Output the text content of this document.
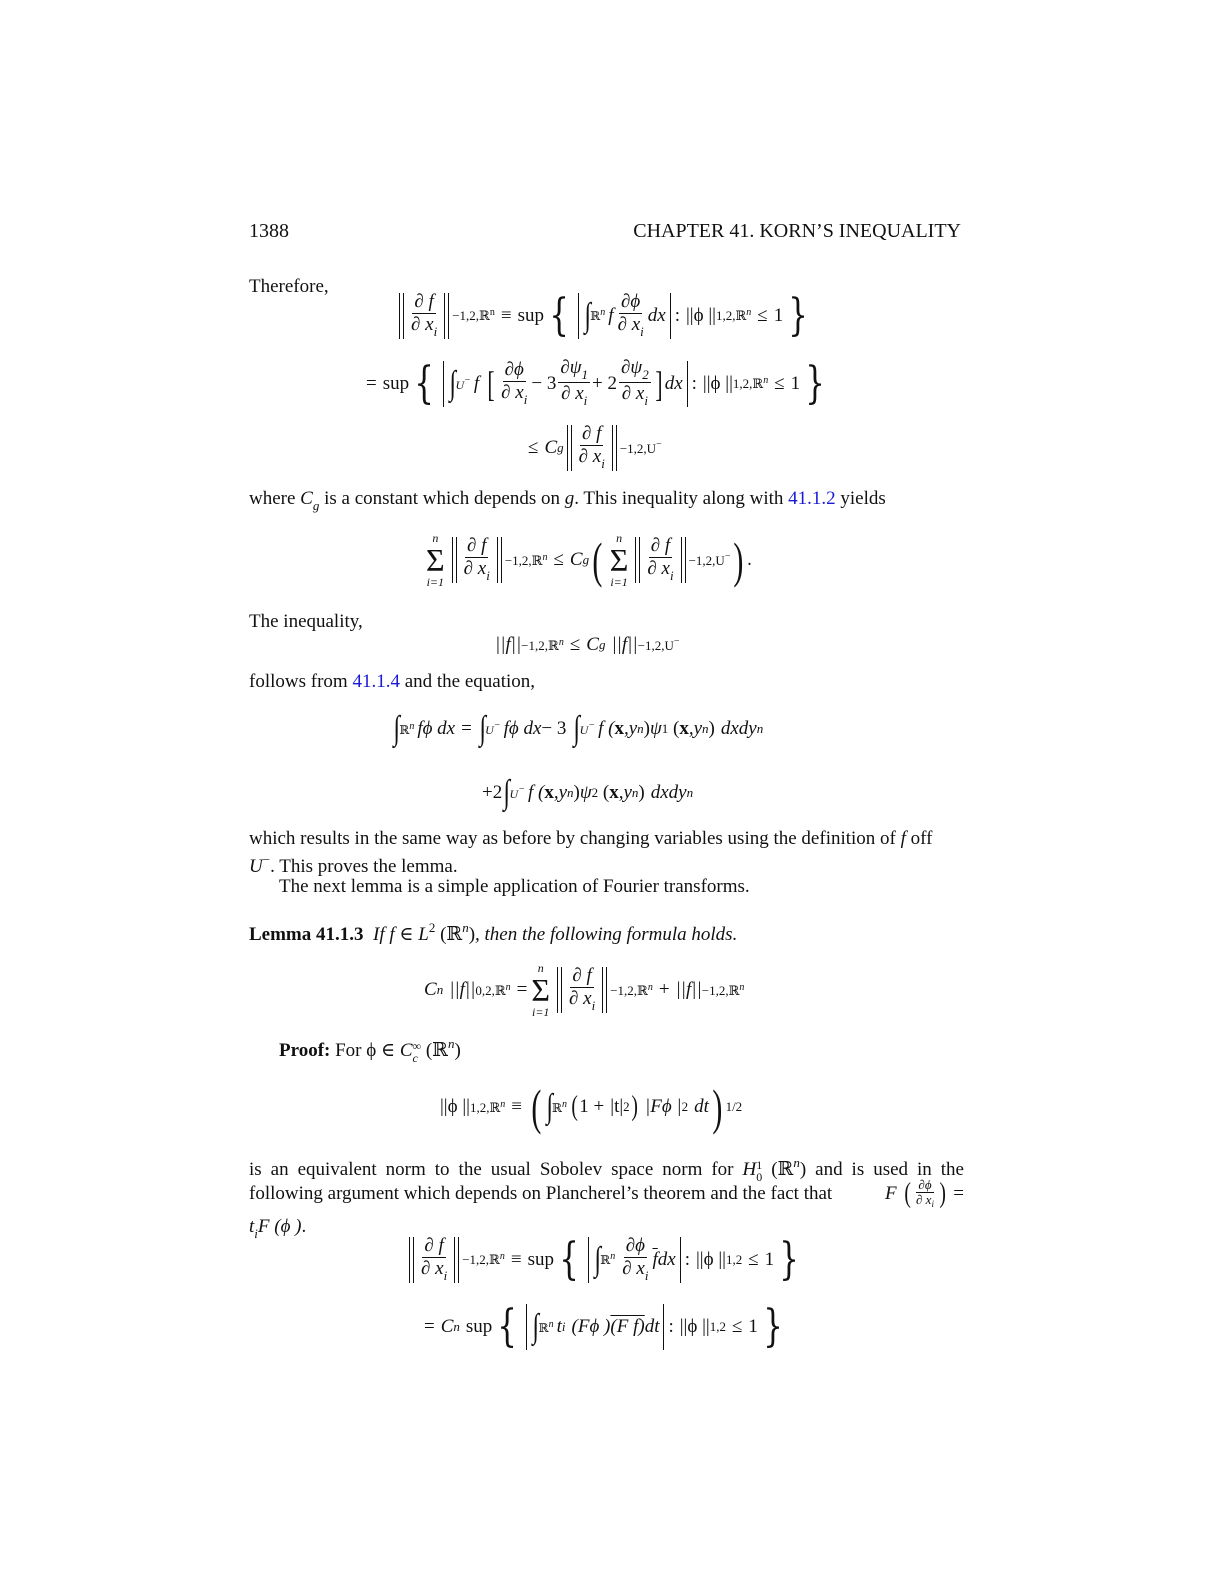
1388	CHAPTER 41. KORN’S INEQUALITY
Therefore,
$\frac{\partial f}{\partial x_i}$ −1,2,ℝ$^n$ ≡ sup { ∫ ℝ$^n$ f $\frac{\partial\phi}{\partial x_i}$ dx : ||ϕ || 1,2,ℝ$^n$ ≤ 1 }
= sup { ∫ U− f [ $\frac{\partial\phi}{\partial x_i} - 3 \frac{\partial\psi_1}{\partial x_i} + 2 \frac{\partial\psi_2}{\partial x_i}$ ] dx : ||ϕ || 1,2,ℝ$^n$ ≤ 1 }
≤ C g $\frac{\partial f}{\partial x_i} -1,2,U^-$
where $C_g$ is a constant which depends on g. This inequality along with 41.1.2 yields
n
Σ
$i=1 \frac{\partial f}{\partial x_i}$ −1,2,ℝ$^n$ ≤ C g ( n
Σ
$i=1 \frac{\partial f}{\partial x_i} -1,2,U^-$ ) .
The inequality,
||f|| −1,2,ℝ$^n$ ≤ C g ||f|| −1,2,U−
follows from 41.1.4 and the equation,
∫ ℝ$^n$ fϕ dx = ∫ U− fϕ dx − 3 ∫ U− f ( x ,y n ) ψ 1 ( x ,y n ) dxdy n
+2 ∫ U− f ( x ,y n ) ψ 2 ( x ,y n ) dxdy n
which results in the same way as before by changing variables using the definition of f off
U−. This proves the lemma.
The next lemma is a simple application of Fourier transforms.
Lemma 41.1.3 If f ∈ $L^2$ (ℝ$^n$), then the following formula holds.
C n ||f|| 0,2,ℝ$^n$ =
n
Σ
$i=1 \frac{\partial f}{\partial x_i}$ −1,2,ℝ$^n$ + ||f|| −1,2,ℝ$^n$
Proof: For ϕ ∈ C ∞
c (ℝ$^n$)
||ϕ || 1,2,ℝ$^n$ ≡ ( ∫ ℝ$^n$ ( 1 + |t| 2 ) |Fϕ | 2 dt ) 1/2
is an equivalent norm to the usual Sobolev space norm for H 1
0 (ℝ$^n$) and is used in the
following argument which depends on Plancherel’s theorem and the fact that	F ( $\frac{\partial\phi}{\partial x_i}$ ) =
$t_iF$ (ϕ ).
$\frac{\partial f}{\partial x_i}$ −1,2,ℝ$^n$ ≡ sup { ∫ ℝ$^n$ $\frac{\partial\phi}{\partial x_i} \overline{f}$ dx : ||ϕ || 1,2 ≤ 1 }
= C n sup { ∫ ℝ$^n$ t i (Fϕ ) (F f) dt : ||ϕ || 1,2 ≤ 1 }
